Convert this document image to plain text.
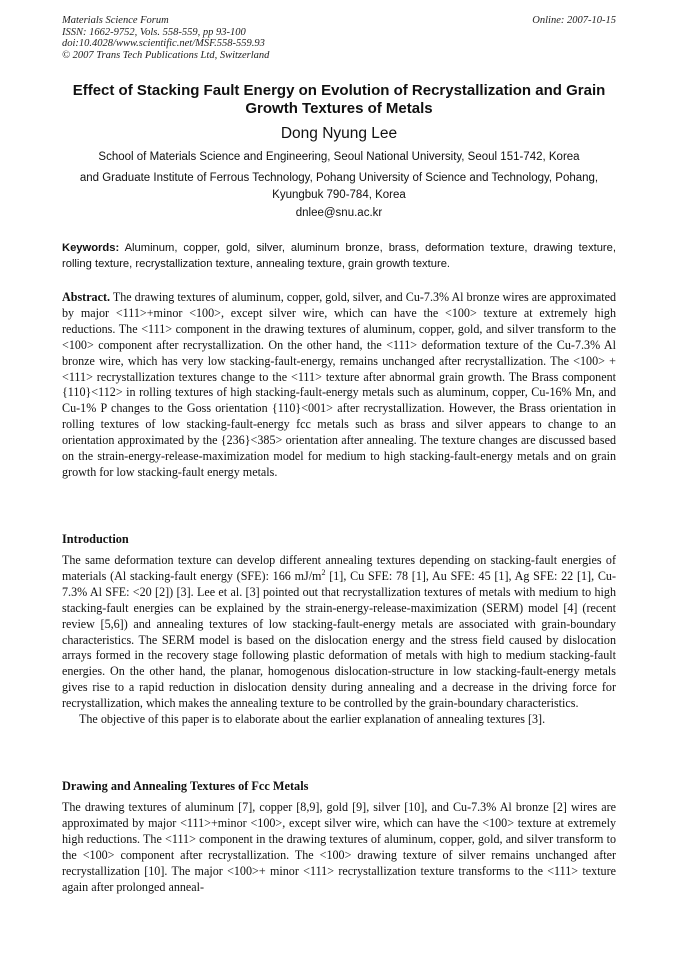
Materials Science Forum
ISSN: 1662-9752, Vols. 558-559, pp 93-100
doi:10.4028/www.scientific.net/MSF.558-559.93
© 2007 Trans Tech Publications Ltd, Switzerland
Online: 2007-10-15
Effect of Stacking Fault Energy on Evolution of Recrystallization and Grain Growth Textures of Metals
Dong Nyung Lee

School of Materials Science and Engineering, Seoul National University, Seoul 151-742, Korea

and Graduate Institute of Ferrous Technology, Pohang University of Science and Technology, Pohang, Kyungbuk 790-784, Korea

dnlee@snu.ac.kr
Keywords: Aluminum, copper, gold, silver, aluminum bronze, brass, deformation texture, drawing texture, rolling texture, recrystallization texture, annealing texture, grain growth texture.
Abstract. The drawing textures of aluminum, copper, gold, silver, and Cu-7.3% Al bronze wires are approximated by major <111>+minor <100>, except silver wire, which can have the <100> texture at extremely high reductions. The <111> component in the drawing textures of aluminum, copper, gold, and silver transform to the <100> component after recrystallization. On the other hand, the <111> deformation texture of the Cu-7.3% Al bronze wire, which has very low stacking-fault-energy, remains unchanged after recrystallization. The <100> + <111> recrystallization textures change to the <111> texture after abnormal grain growth. The Brass component {110}<112> in rolling textures of high stacking-fault-energy metals such as aluminum, copper, Cu-16% Mn, and Cu-1% P changes to the Goss orientation {110}<001> after recrystallization. However, the Brass orientation in rolling textures of low stacking-fault-energy fcc metals such as brass and silver appears to change to an orientation approximated by the {236}<385> orientation after annealing. The texture changes are discussed based on the strain-energy-release-maximization model for medium to high stacking-fault-energy metals and on grain growth for low stacking-fault energy metals.
Introduction

The same deformation texture can develop different annealing textures depending on stacking-fault energies of materials (Al stacking-fault energy (SFE): 166 $mJ/m^2$ [1], Cu SFE: 78 [1], Au SFE: 45 [1], Ag SFE: 22 [1], Cu-7.3% Al SFE: <20 [2]) [3]. Lee et al. [3] pointed out that recrystallization textures of metals with medium to high stacking-fault energies can be explained by the strain-energy-release-maximization (SERM) model [4] (recent review [5,6]) and annealing textures of low stacking-fault-energy metals are associated with grain-boundary characteristics. The SERM model is based on the dislocation energy and the stress field caused by dislocation arrays formed in the recovery stage following plastic deformation of metals with high to medium stacking-fault energies. On the other hand, the planar, homogenous dislocation-structure in low stacking-fault-energy metals gives rise to a rapid reduction in dislocation density during annealing and a decrease in the driving force for recrystallization, which makes the annealing texture to be controlled by the grain-boundary characteristics.

The objective of this paper is to elaborate about the earlier explanation of annealing textures [3].

Drawing and Annealing Textures of Fcc Metals
The drawing textures of aluminum [7], copper [8,9], gold [9], silver [10], and Cu-7.3% Al bronze [2] wires are approximated by major <111>+minor <100>, except silver wire, which can have the <100> texture at extremely high reductions. The <111> component in the drawing textures of aluminum, copper, gold, and silver transform to the <100> component after recrystallization. The <100> drawing texture of silver remains unchanged after recrystallization [10]. The major <100>+ minor <111> recrystallization texture transforms to the <111> texture again after prolonged anneal-
